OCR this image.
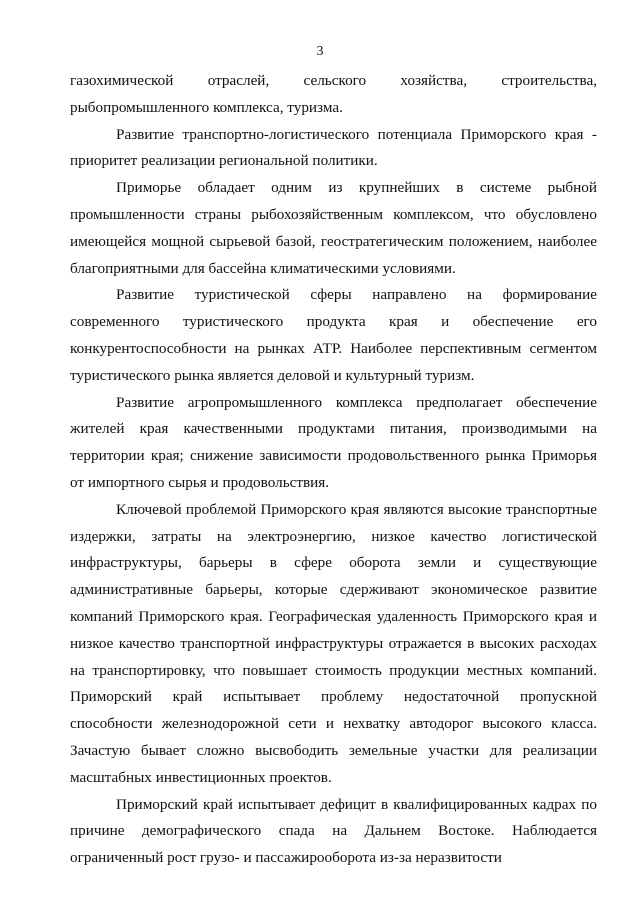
3

газохимической отраслей, сельского хозяйства, строительства, рыбопромышленного комплекса, туризма.

Развитие транспортно-логистического потенциала Приморского края - приоритет реализации региональной политики.

Приморье обладает одним из крупнейших в системе рыбной промышленности страны рыбохозяйственным комплексом, что обусловлено имеющейся мощной сырьевой базой, геостратегическим положением, наиболее благоприятными для бассейна климатическими условиями.

Развитие туристической сферы направлено на формирование современного туристического продукта края и обеспечение его конкурентоспособности на рынках АТР. Наиболее перспективным сегментом туристического рынка является деловой и культурный туризм.

Развитие агропромышленного комплекса предполагает обеспечение жителей края качественными продуктами питания, производимыми на территории края; снижение зависимости продовольственного рынка Приморья от импортного сырья и продовольствия.

Ключевой проблемой Приморского края являются высокие транспортные издержки, затраты на электроэнергию, низкое качество логистической инфраструктуры, барьеры в сфере оборота земли и существующие административные барьеры, которые сдерживают экономическое развитие компаний Приморского края. Географическая удаленность Приморского края и низкое качество транспортной инфраструктуры отражается в высоких расходах на транспортировку, что повышает стоимость продукции местных компаний. Приморский край испытывает проблему недостаточной пропускной способности железнодорожной сети и нехватку автодорог высокого класса. Зачастую бывает сложно высвободить земельные участки для реализации масштабных инвестиционных проектов.

Приморский край испытывает дефицит в квалифицированных кадрах по причине демографического спада на Дальнем Востоке. Наблюдается ограниченный рост грузо- и пассажирооборота из-за неразвитости
